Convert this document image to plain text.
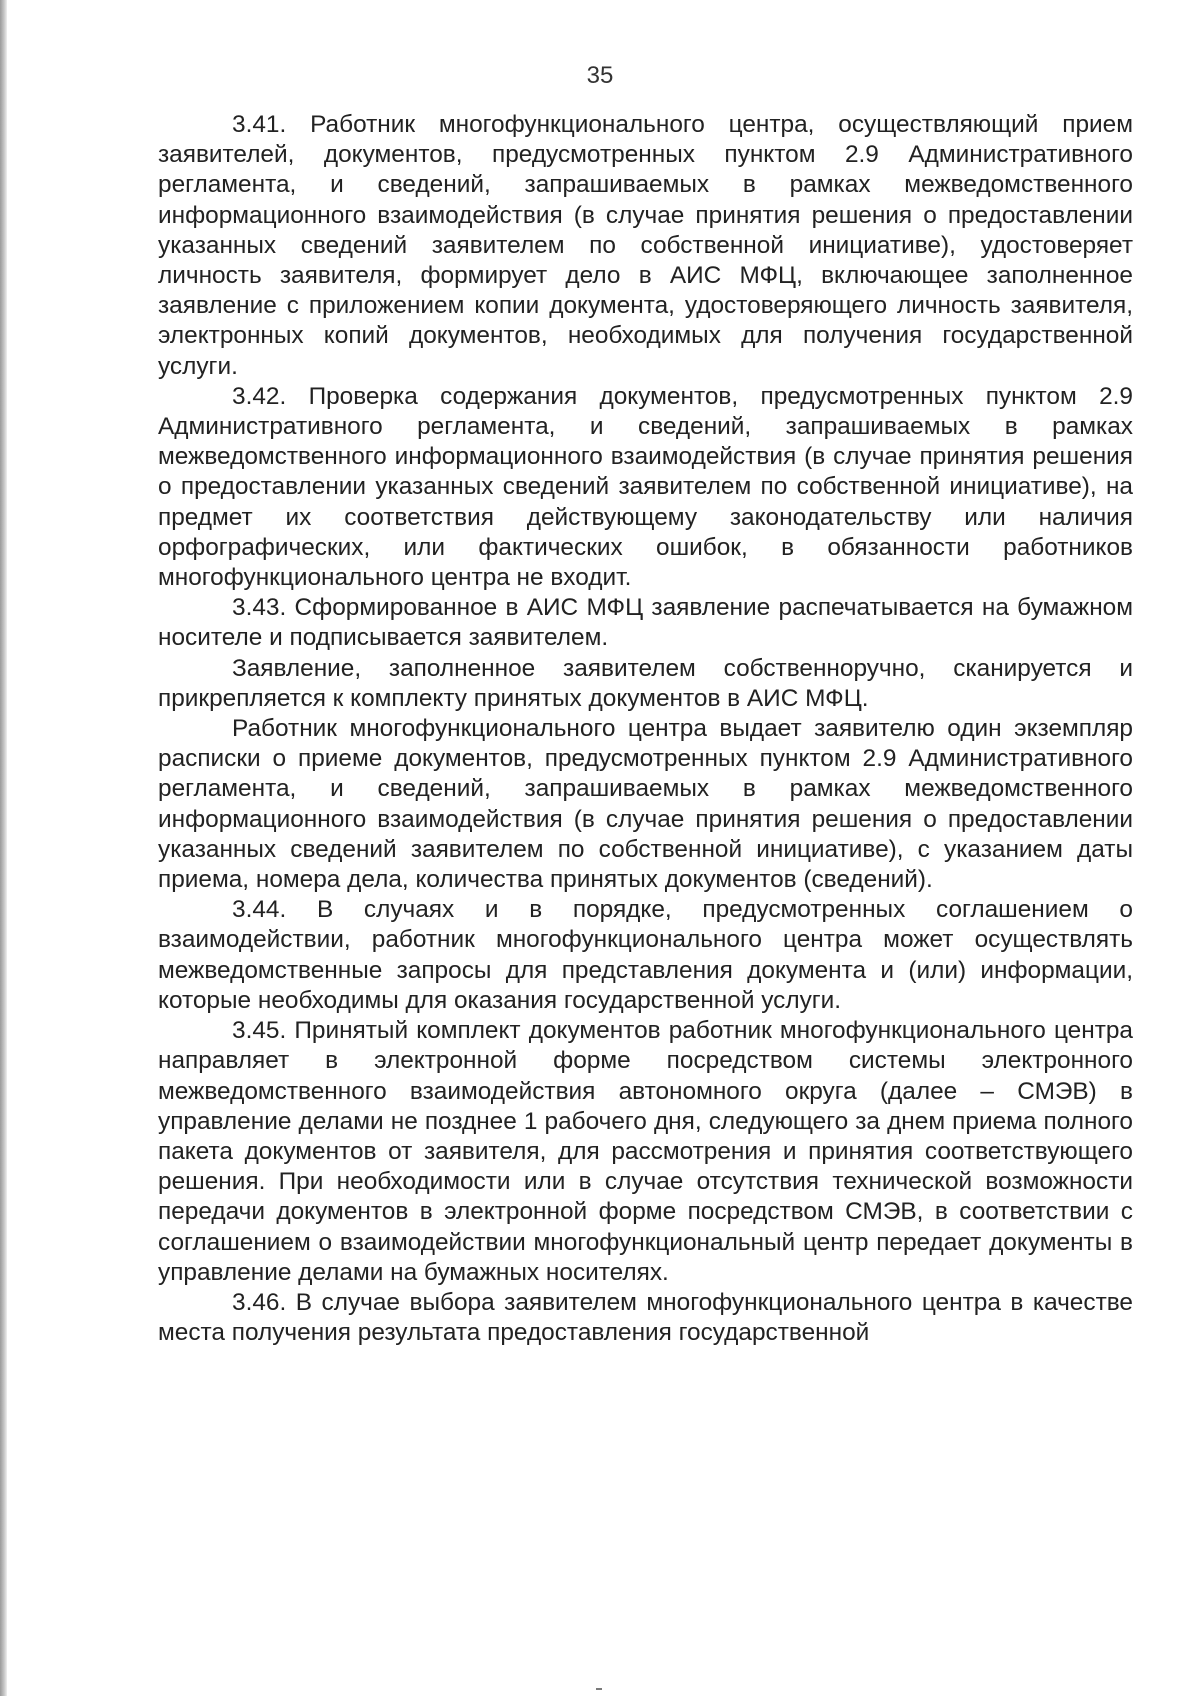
35

3.41. Работник многофункционального центра, осуществляющий прием заявителей, документов, предусмотренных пунктом 2.9 Административного регламента, и сведений, запрашиваемых в рамках межведомственного информационного взаимодействия (в случае принятия решения о предоставлении указанных сведений заявителем по собственной инициативе), удостоверяет личность заявителя, формирует дело в АИС МФЦ, включающее заполненное заявление с приложением копии документа, удостоверяющего личность заявителя, электронных копий документов, необходимых для получения государственной услуги.

3.42. Проверка содержания документов, предусмотренных пунктом 2.9 Административного регламента, и сведений, запрашиваемых в рамках межведомственного информационного взаимодействия (в случае принятия решения о предоставлении указанных сведений заявителем по собственной инициативе), на предмет их соответствия действующему законодательству или наличия орфографических, или фактических ошибок, в обязанности работников многофункционального центра не входит.

3.43. Сформированное в АИС МФЦ заявление распечатывается на бумажном носителе и подписывается заявителем.

Заявление, заполненное заявителем собственноручно, сканируется и прикрепляется к комплекту принятых документов в АИС МФЦ.

Работник многофункционального центра выдает заявителю один экземпляр расписки о приеме документов, предусмотренных пунктом 2.9 Административного регламента, и сведений, запрашиваемых в рамках межведомственного информационного взаимодействия (в случае принятия решения о предоставлении указанных сведений заявителем по собственной инициативе), с указанием даты приема, номера дела, количества принятых документов (сведений).

3.44. В случаях и в порядке, предусмотренных соглашением о взаимодействии, работник многофункционального центра может осуществлять межведомственные запросы для представления документа и (или) информации, которые необходимы для оказания государственной услуги.

3.45. Принятый комплект документов работник многофункционального центра направляет в электронной форме посредством системы электронного межведомственного взаимодействия автономного округа (далее – СМЭВ) в управление делами не позднее 1 рабочего дня, следующего за днем приема полного пакета документов от заявителя, для рассмотрения и принятия соответствующего решения. При необходимости или в случае отсутствия технической возможности передачи документов в электронной форме посредством СМЭВ, в соответствии с соглашением о взаимодействии многофункциональный центр передает документы в управление делами на бумажных носителях.

3.46. В случае выбора заявителем многофункционального центра в качестве места получения результата предоставления государственной
